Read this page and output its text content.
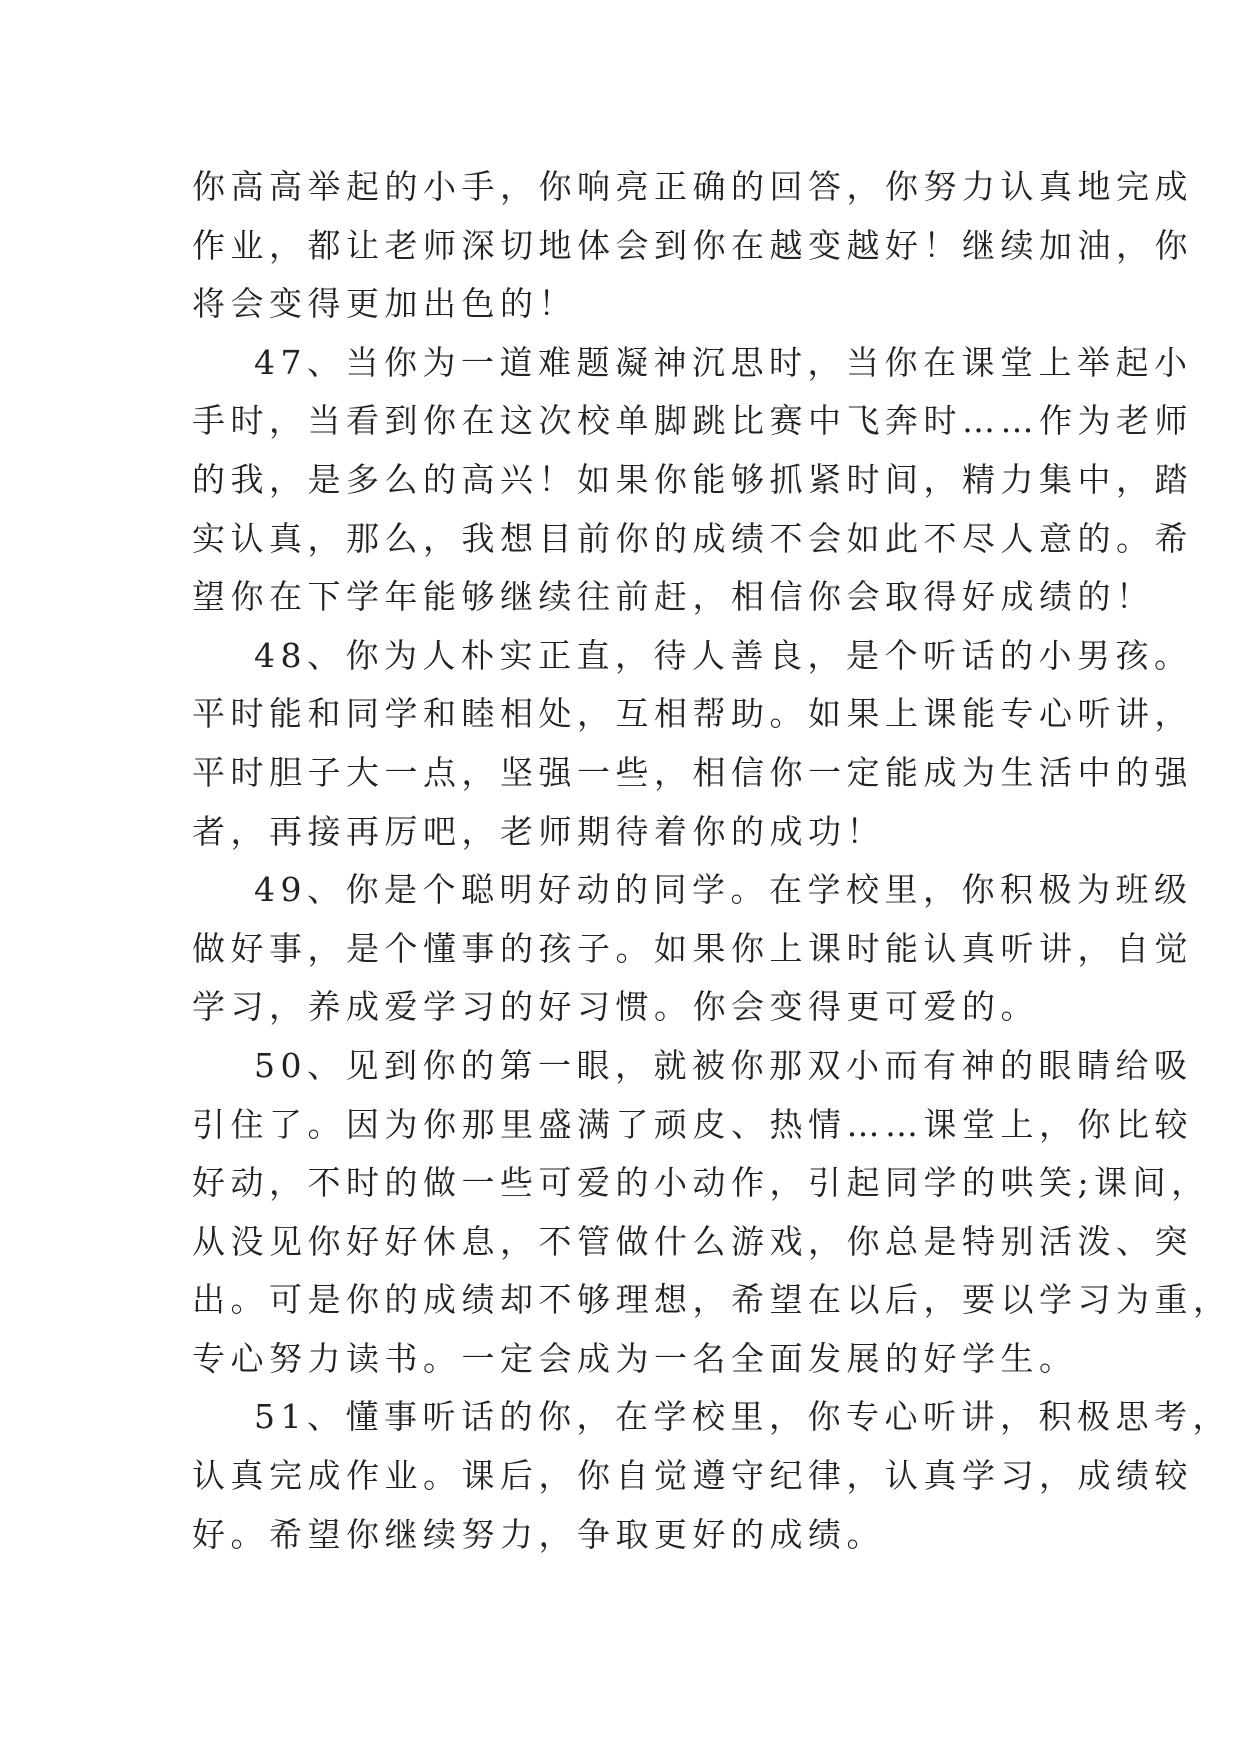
你高高举起的小手，你响亮正确的回答，你努力认真地完成
作业，都让老师深切地体会到你在越变越好！继续加油，你
将会变得更加出色的！
47、当你为一道难题凝神沉思时，当你在课堂上举起小
手时，当看到你在这次校单脚跳比赛中飞奔时……作为老师
的我，是多么的高兴！如果你能够抓紧时间，精力集中，踏
实认真，那么，我想目前你的成绩不会如此不尽人意的。希
望你在下学年能够继续往前赶，相信你会取得好成绩的！
48、你为人朴实正直，待人善良，是个听话的小男孩。
平时能和同学和睦相处，互相帮助。如果上课能专心听讲，
平时胆子大一点，坚强一些，相信你一定能成为生活中的强
者，再接再厉吧，老师期待着你的成功！
49、你是个聪明好动的同学。在学校里，你积极为班级
做好事，是个懂事的孩子。如果你上课时能认真听讲，自觉
学习，养成爱学习的好习惯。你会变得更可爱的。
50、见到你的第一眼，就被你那双小而有神的眼睛给吸
引住了。因为你那里盛满了顽皮、热情……课堂上，你比较
好动，不时的做一些可爱的小动作，引起同学的哄笑;课间，
从没见你好好休息，不管做什么游戏，你总是特别活泼、突
出。可是你的成绩却不够理想，希望在以后，要以学习为重，
专心努力读书。一定会成为一名全面发展的好学生。
51、懂事听话的你，在学校里，你专心听讲，积极思考，
认真完成作业。课后，你自觉遵守纪律，认真学习，成绩较
好。希望你继续努力，争取更好的成绩。
